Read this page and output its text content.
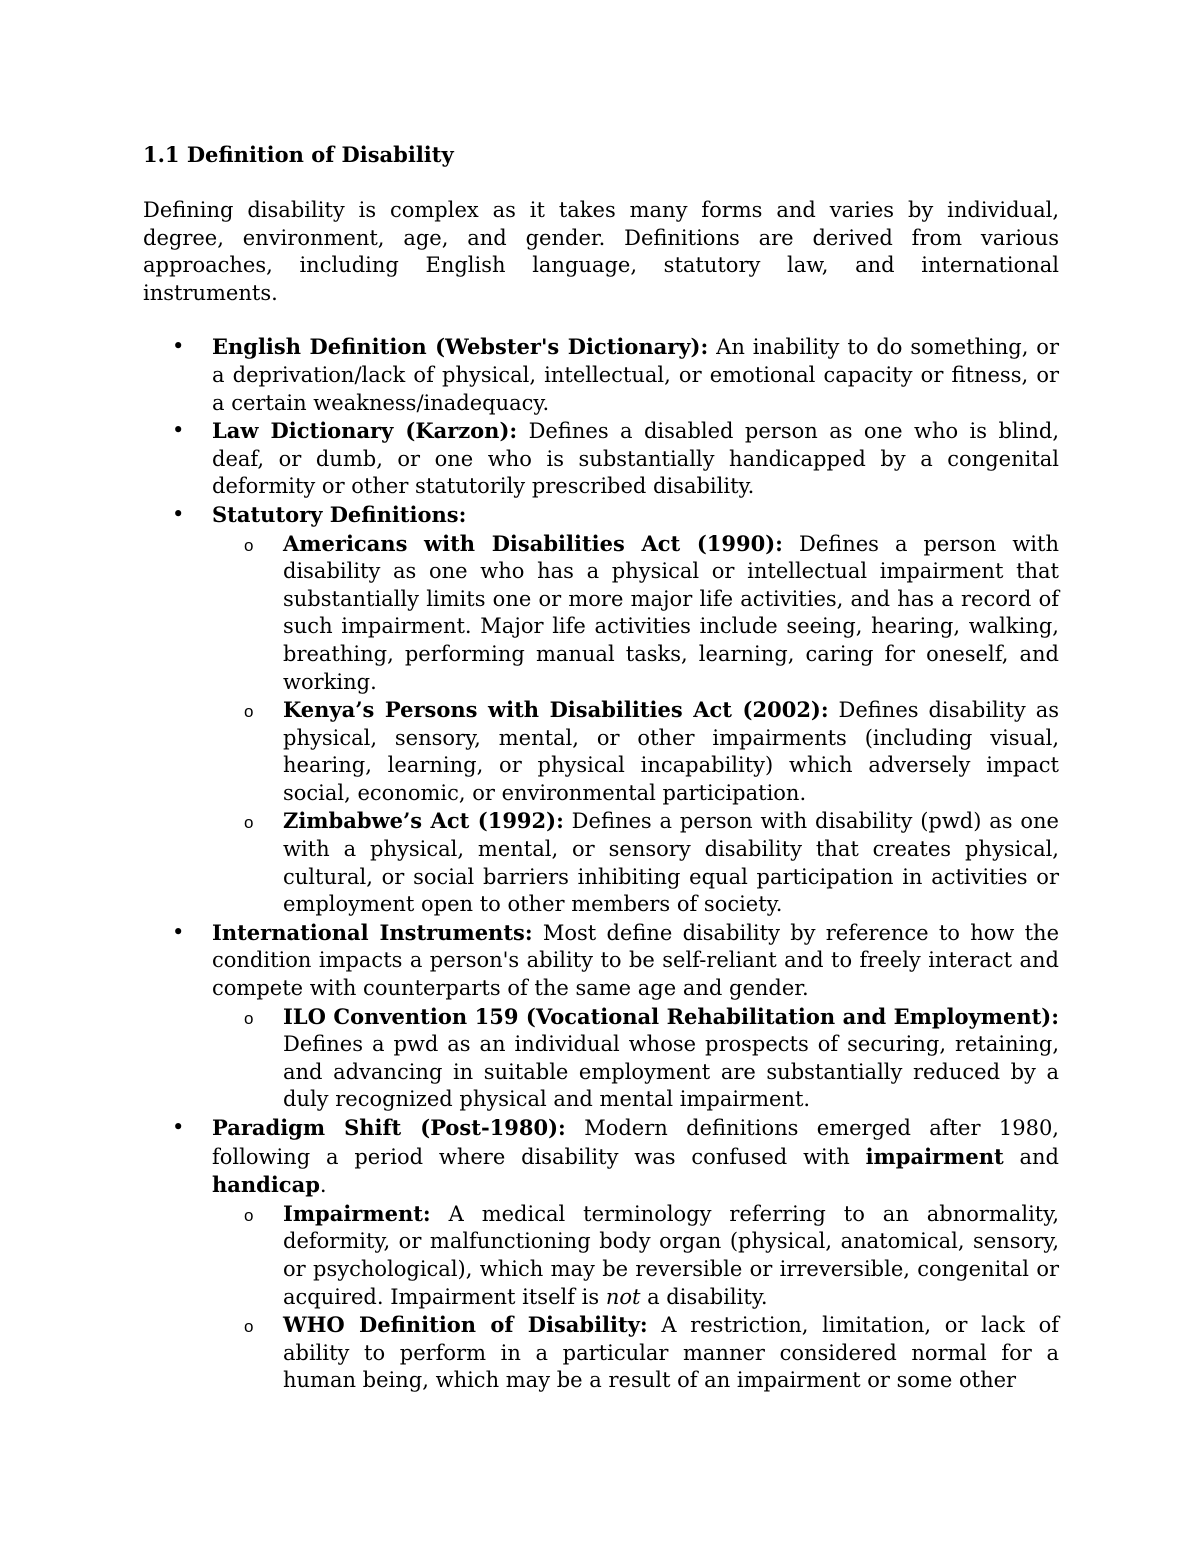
1.1 Definition of Disability

Defining disability is complex as it takes many forms and varies by individual, degree, environment, age, and gender. Definitions are derived from various approaches, including English language, statutory law, and international instruments.

• English Definition (Webster's Dictionary): An inability to do something, or a deprivation/lack of physical, intellectual, or emotional capacity or fitness, or a certain weakness/inadequacy.
• Law Dictionary (Karzon): Defines a disabled person as one who is blind, deaf, or dumb, or one who is substantially handicapped by a congenital deformity or other statutorily prescribed disability.
• Statutory Definitions:
o Americans with Disabilities Act (1990): Defines a person with disability as one who has a physical or intellectual impairment that substantially limits one or more major life activities, and has a record of such impairment. Major life activities include seeing, hearing, walking, breathing, performing manual tasks, learning, caring for oneself, and working.
o Kenya’s Persons with Disabilities Act (2002): Defines disability as physical, sensory, mental, or other impairments (including visual, hearing, learning, or physical incapability) which adversely impact social, economic, or environmental participation.
o Zimbabwe’s Act (1992): Defines a person with disability (pwd) as one with a physical, mental, or sensory disability that creates physical, cultural, or social barriers inhibiting equal participation in activities or employment open to other members of society.
• International Instruments: Most define disability by reference to how the condition impacts a person's ability to be self-reliant and to freely interact and compete with counterparts of the same age and gender.
o ILO Convention 159 (Vocational Rehabilitation and Employment): Defines a pwd as an individual whose prospects of securing, retaining, and advancing in suitable employment are substantially reduced by a duly recognized physical and mental impairment.
• Paradigm Shift (Post-1980): Modern definitions emerged after 1980, following a period where disability was confused with impairment and handicap.
o Impairment: A medical terminology referring to an abnormality, deformity, or malfunctioning body organ (physical, anatomical, sensory, or psychological), which may be reversible or irreversible, congenital or acquired. Impairment itself is not a disability.
o WHO Definition of Disability: A restriction, limitation, or lack of ability to perform in a particular manner considered normal for a human being, which may be a result of an impairment or some other
